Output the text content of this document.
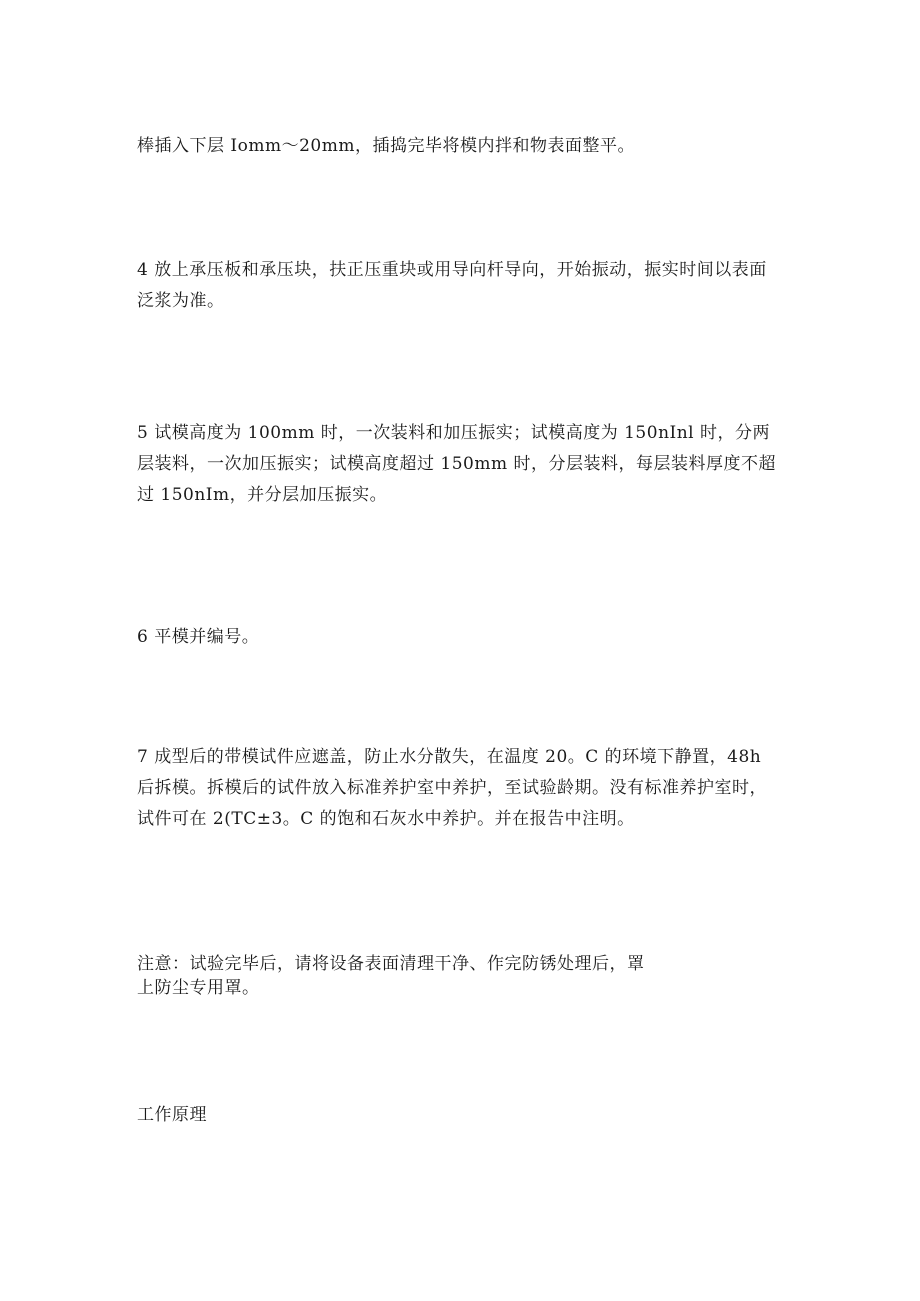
棒插入下层 Iomm～20mm，插捣完毕将模内拌和物表面整平。

4 放上承压板和承压块，扶正压重块或用导向杆导向，开始振动，振实时间以表面

泛浆为准。

5 试模高度为 100mm 时，一次装料和加压振实；试模高度为 150nInl 时，分两

层装料，一次加压振实；试模高度超过 150mm 时，分层装料，每层装料厚度不超

过 150nIm，并分层加压振实。

6 平模并编号。

7 成型后的带模试件应遮盖，防止水分散失，在温度 20。C 的环境下静置，48h

后拆模。拆模后的试件放入标准养护室中养护，至试验龄期。没有标准养护室时，

试件可在 2(TC±3。C 的饱和石灰水中养护。并在报告中注明。

注意：试验完毕后，请将设备表面清理干净、作完防锈处理后，罩

上防尘专用罩。

工作原理
